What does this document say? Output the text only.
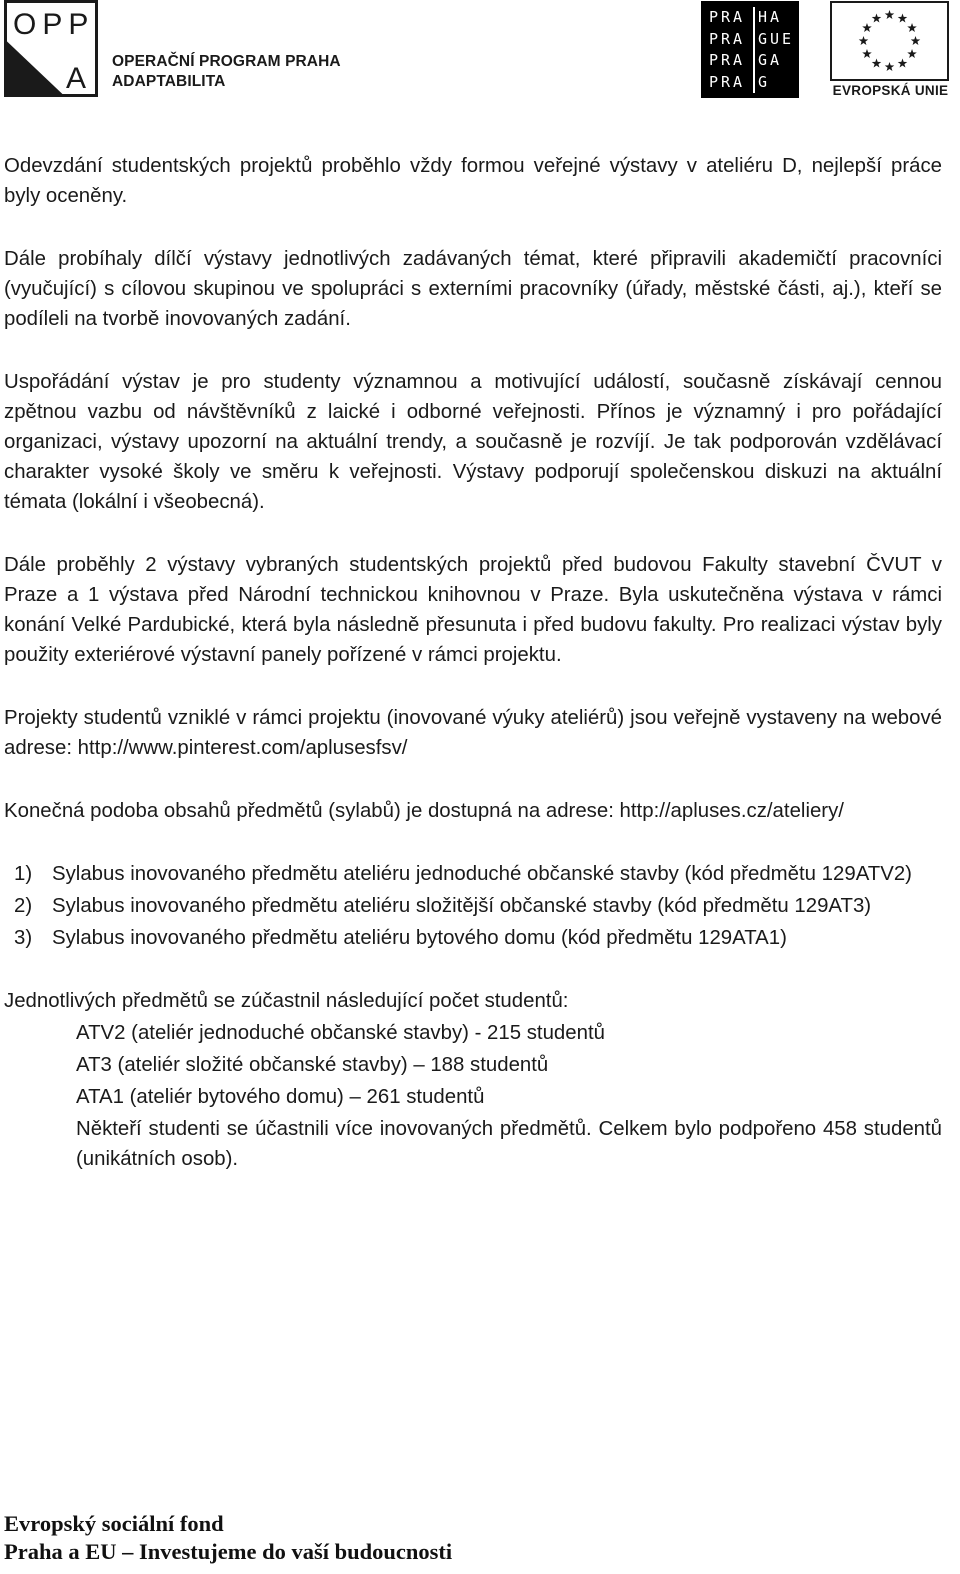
OPP
A
OPERAČNÍ PROGRAM PRAHA
ADAPTABILITA
PRA HA
PRA GUE
PRA GA
PRA G	EVROPSKÁ UNIE

Odevzdání studentských projektů proběhlo vždy formou veřejné výstavy v ateliéru D, nejlepší práce byly oceněny.

Dále probíhaly dílčí výstavy jednotlivých zadávaných témat, které připravili akademičtí pracovníci (vyučující) s cílovou skupinou ve spolupráci s externími pracovníky (úřady, městské části, aj.), kteří se podíleli na tvorbě inovovaných zadání.

Uspořádání výstav je pro studenty významnou a motivující událostí, současně získávají cennou zpětnou vazbu od návštěvníků z laické i odborné veřejnosti. Přínos je významný i pro pořádající organizaci, výstavy upozorní na aktuální trendy, a současně je rozvíjí. Je tak podporován vzdělávací charakter vysoké školy ve směru k veřejnosti. Výstavy podporují společenskou diskuzi na aktuální témata (lokální i všeobecná).

Dále proběhly 2 výstavy vybraných studentských projektů před budovou Fakulty stavební ČVUT v Praze a 1 výstava před Národní technickou knihovnou v Praze. Byla uskutečněna výstava v rámci konání Velké Pardubické, která byla následně přesunuta i před budovu fakulty. Pro realizaci výstav byly použity exteriérové výstavní panely pořízené v rámci projektu.

Projekty studentů vzniklé v rámci projektu (inovované výuky ateliérů) jsou veřejně vystaveny na webové adrese: http://www.pinterest.com/aplusesfsv/

Konečná podoba obsahů předmětů (sylabů) je dostupná na adrese: http://apluses.cz/ateliery/

1) Sylabus inovovaného předmětu ateliéru jednoduché občanské stavby (kód předmětu 129ATV2)
2) Sylabus inovovaného předmětu ateliéru složitější občanské stavby (kód předmětu 129AT3)
3) Sylabus inovovaného předmětu ateliéru bytového domu (kód předmětu 129ATA1)
Jednotlivých předmětů se zúčastnil následující počet studentů:
ATV2 (ateliér jednoduché občanské stavby) - 215 studentů
AT3 (ateliér složité občanské stavby) – 188 studentů
ATA1 (ateliér bytového domu) – 261 studentů
Někteří studenti se účastnili více inovovaných předmětů. Celkem bylo podpořeno 458 studentů (unikátních osob).
Evropský sociální fond
Praha a EU – Investujeme do vaší budoucnosti
